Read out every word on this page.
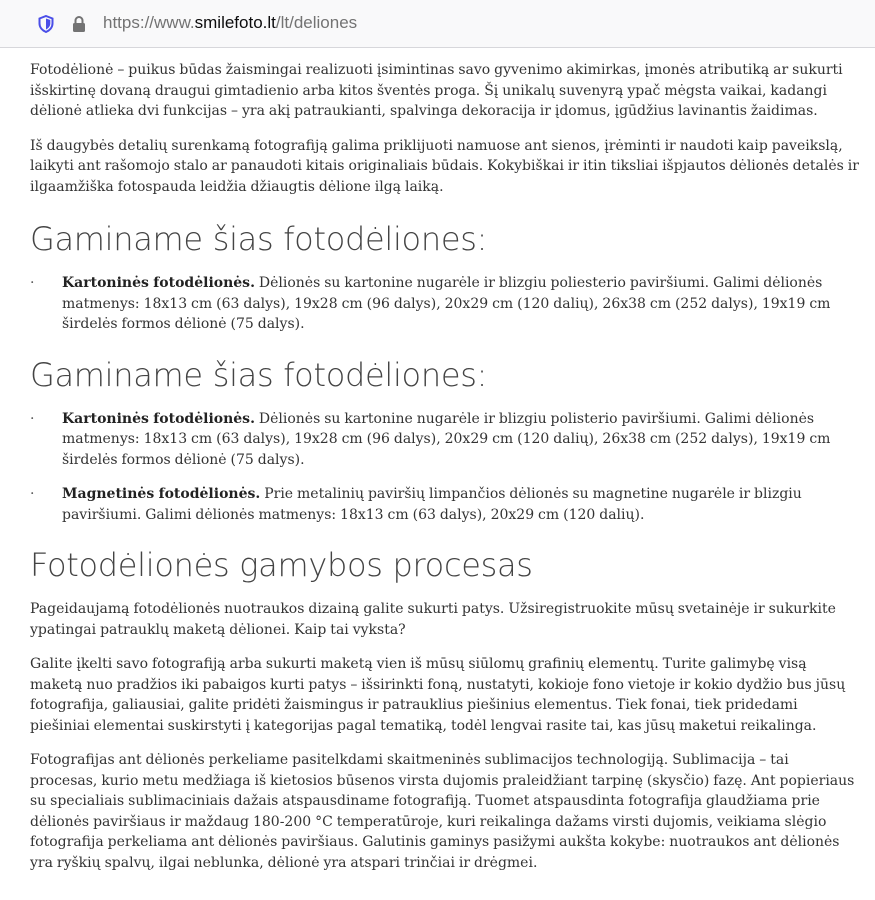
https://www.smilefoto.lt/lt/deliones

Fotodėlionė – puikus būdas žaismingai realizuoti įsimintinas savo gyvenimo akimirkas, įmonės atributiką ar sukurti išskirtinę dovaną draugui gimtadienio arba kitos šventės proga. Šį unikalų suvenyrą ypač mėgsta vaikai, kadangi dėlionė atlieka dvi funkcijas – yra akį patraukianti, spalvinga dekoracija ir įdomus, įgūdžius lavinantis žaidimas.

Iš daugybės detalių surenkamą fotografiją galima priklijuoti namuose ant sienos, įrėminti ir naudoti kaip paveikslą, laikyti ant rašomojo stalo ar panaudoti kitais originaliais būdais. Kokybiškai ir itin tiksliai išpjautos dėlionės detalės ir ilgaamžiška fotospauda leidžia džiaugtis dėlione ilgą laiką.

Gaminame šias fotodėliones:
· Kartoninės fotodėlionės. Dėlionės su kartonine nugarėle ir blizgiu poliesterio paviršiumi. Galimi dėlionės matmenys: 18x13 cm (63 dalys), 19x28 cm (96 dalys), 20x29 cm (120 dalių), 26x38 cm (252 dalys), 19x19 cm širdelės formos dėlionė (75 dalys).
Gaminame šias fotodėliones:
· Kartoninės fotodėlionės. Dėlionės su kartonine nugarėle ir blizgiu polisterio paviršiumi. Galimi dėlionės matmenys: 18x13 cm (63 dalys), 19x28 cm (96 dalys), 20x29 cm (120 dalių), 26x38 cm (252 dalys), 19x19 cm širdelės formos dėlionė (75 dalys).
· Magnetinės fotodėlionės. Prie metalinių paviršių limpančios dėlionės su magnetine nugarėle ir blizgiu paviršiumi. Galimi dėlionės matmenys: 18x13 cm (63 dalys), 20x29 cm (120 dalių).
Fotodėlionės gamybos procesas

Pageidaujamą fotodėlionės nuotraukos dizainą galite sukurti patys. Užsiregistruokite mūsų svetainėje ir sukurkite ypatingai patrauklų maketą dėlionei. Kaip tai vyksta?

Galite įkelti savo fotografiją arba sukurti maketą vien iš mūsų siūlomų grafinių elementų. Turite galimybę visą maketą nuo pradžios iki pabaigos kurti patys – išsirinkti foną, nustatyti, kokioje fono vietoje ir kokio dydžio bus jūsų fotografija, galiausiai, galite pridėti žaismingus ir patrauklius piešinius elementus. Tiek fonai, tiek pridedami piešiniai elementai suskirstyti į kategorijas pagal tematiką, todėl lengvai rasite tai, kas jūsų maketui reikalinga.

Fotografijas ant dėlionės perkeliame pasitelkdami skaitmeninės sublimacijos technologiją. Sublimacija – tai procesas, kurio metu medžiaga iš kietosios būsenos virsta dujomis praleidžiant tarpinę (skysčio) fazę. Ant popieriaus su specialiais sublimaciniais dažais atspausdiname fotografiją. Tuomet atspausdinta fotografija glaudžiama prie dėlionės paviršiaus ir maždaug 180-200 °C temperatūroje, kuri reikalinga dažams virsti dujomis, veikiama slėgio fotografija perkeliama ant dėlionės paviršiaus. Galutinis gaminys pasižymi aukšta kokybe: nuotraukos ant dėlionės yra ryškių spalvų, ilgai neblunka, dėlionė yra atspari trinčiai ir drėgmei.
